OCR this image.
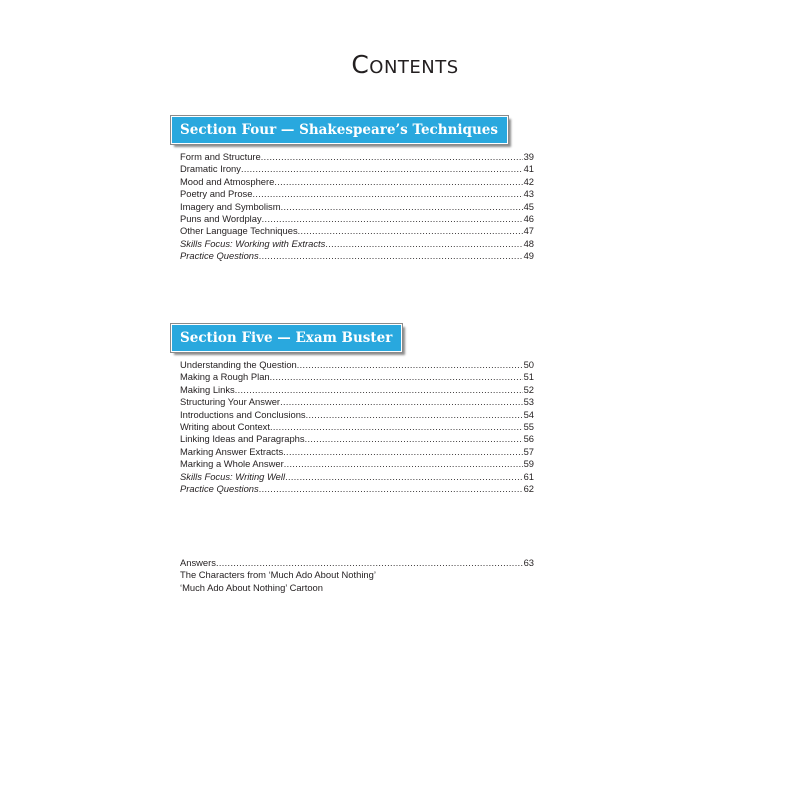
Contents
Section Four — Shakespeare’s Techniques
Form and Structure .....	39
Dramatic Irony .....	41
Mood and Atmosphere .....	42
Poetry and Prose .....	43
Imagery and Symbolism .....	45
Puns and Wordplay .....	46
Other Language Techniques .....	47
Skills Focus: Working with Extracts .....	48
Practice Questions .....	49
Section Five — Exam Buster
Understanding the Question .....	50
Making a Rough Plan .....	51
Making Links .....	52
Structuring Your Answer .....	53
Introductions and Conclusions .....	54
Writing about Context .....	55
Linking Ideas and Paragraphs .....	56
Marking Answer Extracts .....	57
Marking a Whole Answer .....	59
Skills Focus: Writing Well .....	61
Practice Questions .....	62
Answers .....	63
The Characters from ‘Much Ado About Nothing’
‘Much Ado About Nothing’ Cartoon
